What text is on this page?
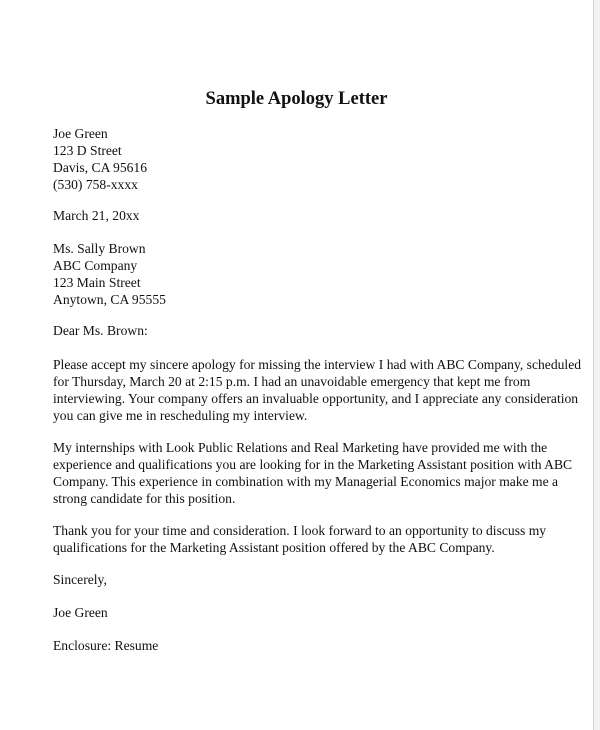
Sample Apology Letter
Joe Green
123 D Street
Davis, CA 95616
(530) 758-xxxx
March 21, 20xx
Ms. Sally Brown
ABC Company
123 Main Street
Anytown, CA 95555
Dear Ms. Brown:
Please accept my sincere apology for missing the interview I had with ABC Company, scheduled
for Thursday, March 20 at 2:15 p.m. I had an unavoidable emergency that kept me from
interviewing. Your company offers an invaluable opportunity, and I appreciate any consideration
you can give me in rescheduling my interview.
My internships with Look Public Relations and Real Marketing have provided me with the
experience and qualifications you are looking for in the Marketing Assistant position with ABC
Company. This experience in combination with my Managerial Economics major make me a
strong candidate for this position.
Thank you for your time and consideration. I look forward to an opportunity to discuss my
qualifications for the Marketing Assistant position offered by the ABC Company.
Sincerely,
Joe Green
Enclosure: Resume
